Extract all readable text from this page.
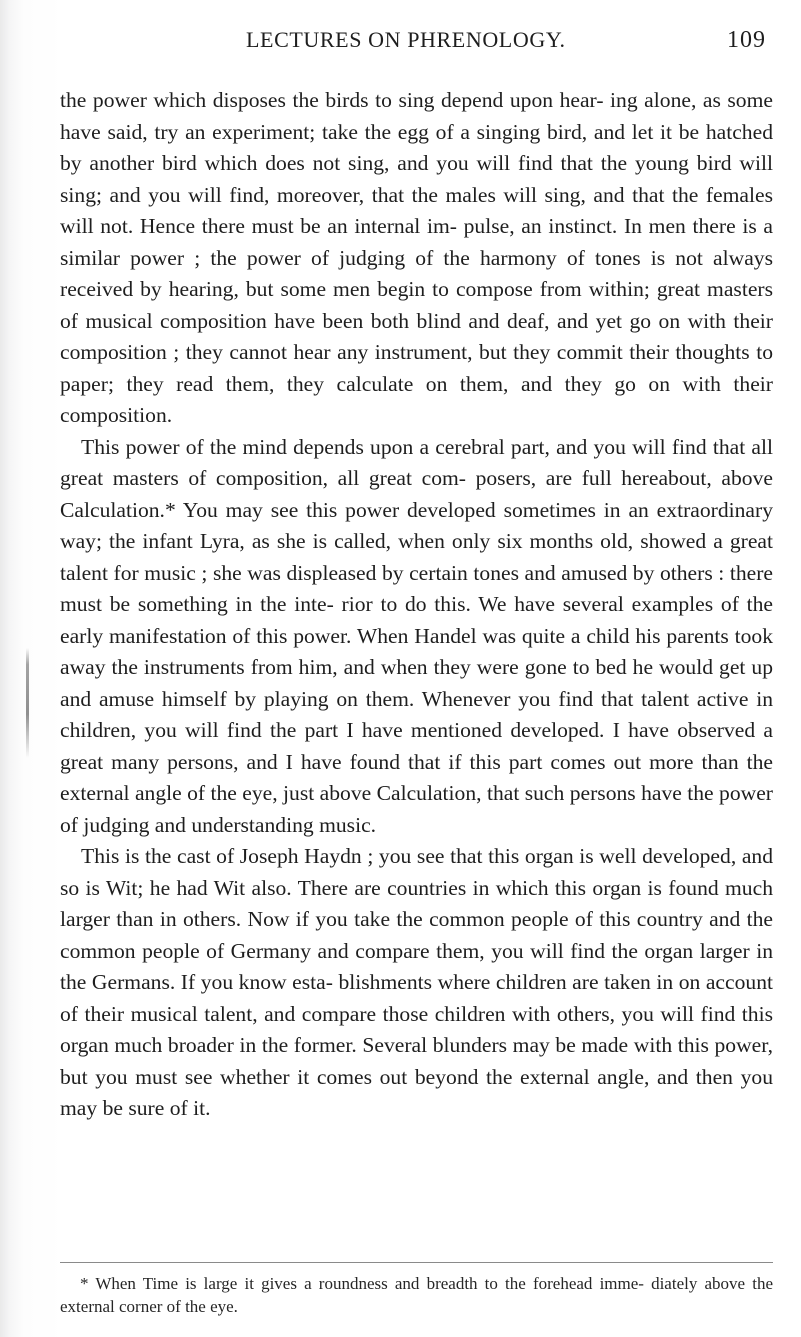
LECTURES ON PHRENOLOGY.	109

the power which disposes the birds to sing depend upon hear- ing alone, as some have said, try an experiment; take the egg of a singing bird, and let it be hatched by another bird which does not sing, and you will find that the young bird will sing; and you will find, moreover, that the males will sing, and that the females will not. Hence there must be an internal im- pulse, an instinct. In men there is a similar power ; the power of judging of the harmony of tones is not always received by hearing, but some men begin to compose from within; great masters of musical composition have been both blind and deaf, and yet go on with their composition ; they cannot hear any instrument, but they commit their thoughts to paper; they read them, they calculate on them, and they go on with their composition.

This power of the mind depends upon a cerebral part, and you will find that all great masters of composition, all great com- posers, are full hereabout, above Calculation.* You may see this power developed sometimes in an extraordinary way; the infant Lyra, as she is called, when only six months old, showed a great talent for music ; she was displeased by certain tones and amused by others : there must be something in the inte- rior to do this. We have several examples of the early manifestation of this power. When Handel was quite a child his parents took away the instruments from him, and when they were gone to bed he would get up and amuse himself by playing on them. Whenever you find that talent active in children, you will find the part I have mentioned developed. I have observed a great many persons, and I have found that if this part comes out more than the external angle of the eye, just above Calculation, that such persons have the power of judging and understanding music.

This is the cast of Joseph Haydn ; you see that this organ is well developed, and so is Wit; he had Wit also. There are countries in which this organ is found much larger than in others. Now if you take the common people of this country and the common people of Germany and compare them, you will find the organ larger in the Germans. If you know esta- blishments where children are taken in on account of their musical talent, and compare those children with others, you will find this organ much broader in the former. Several blunders may be made with this power, but you must see whether it comes out beyond the external angle, and then you may be sure of it.

* When Time is large it gives a roundness and breadth to the forehead imme- diately above the external corner of the eye.
